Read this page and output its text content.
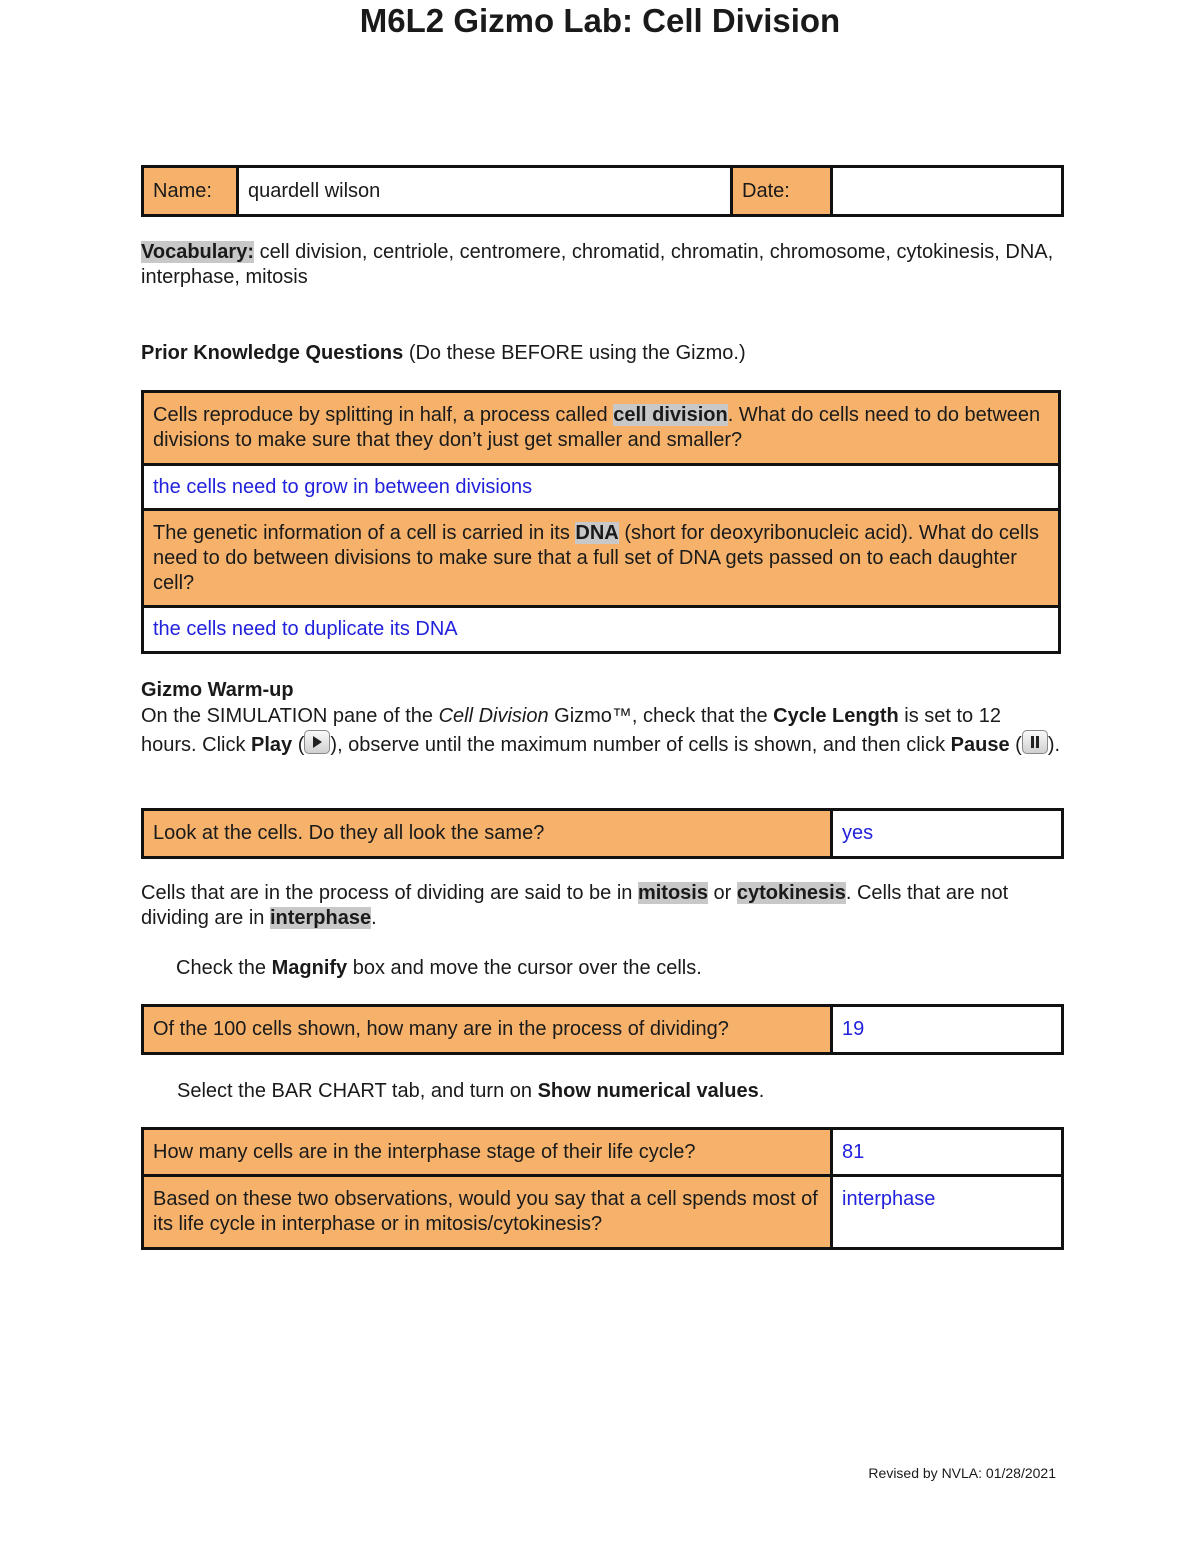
M6L2 Gizmo Lab: Cell Division
Name:	quardell wilson	Date:	
Vocabulary: cell division, centriole, centromere, chromatid, chromatin, chromosome, cytokinesis, DNA, interphase, mitosis
Prior Knowledge Questions (Do these BEFORE using the Gizmo.)
Cells reproduce by splitting in half, a process called cell division. What do cells need to do between divisions to make sure that they don’t just get smaller and smaller?
the cells need to grow in between divisions
The genetic information of a cell is carried in its DNA (short for deoxyribonucleic acid). What do cells need to do between divisions to make sure that a full set of DNA gets passed on to each daughter cell?
the cells need to duplicate its DNA
Gizmo Warm-up
On the SIMULATION pane of the Cell Division Gizmo™, check that the Cycle Length is set to 12 hours. Click Play ( ), observe until the maximum number of cells is shown, and then click Pause ( ).
Look at the cells. Do they all look the same?	yes
Cells that are in the process of dividing are said to be in mitosis or cytokinesis. Cells that are not dividing are in interphase.
Check the Magnify box and move the cursor over the cells.
Of the 100 cells shown, how many are in the process of dividing?	19
Select the BAR CHART tab, and turn on Show numerical values.
How many cells are in the interphase stage of their life cycle?	81
Based on these two observations, would you say that a cell spends most of its life cycle in interphase or in mitosis/cytokinesis?	interphase
Revised by NVLA: 01/28/2021
